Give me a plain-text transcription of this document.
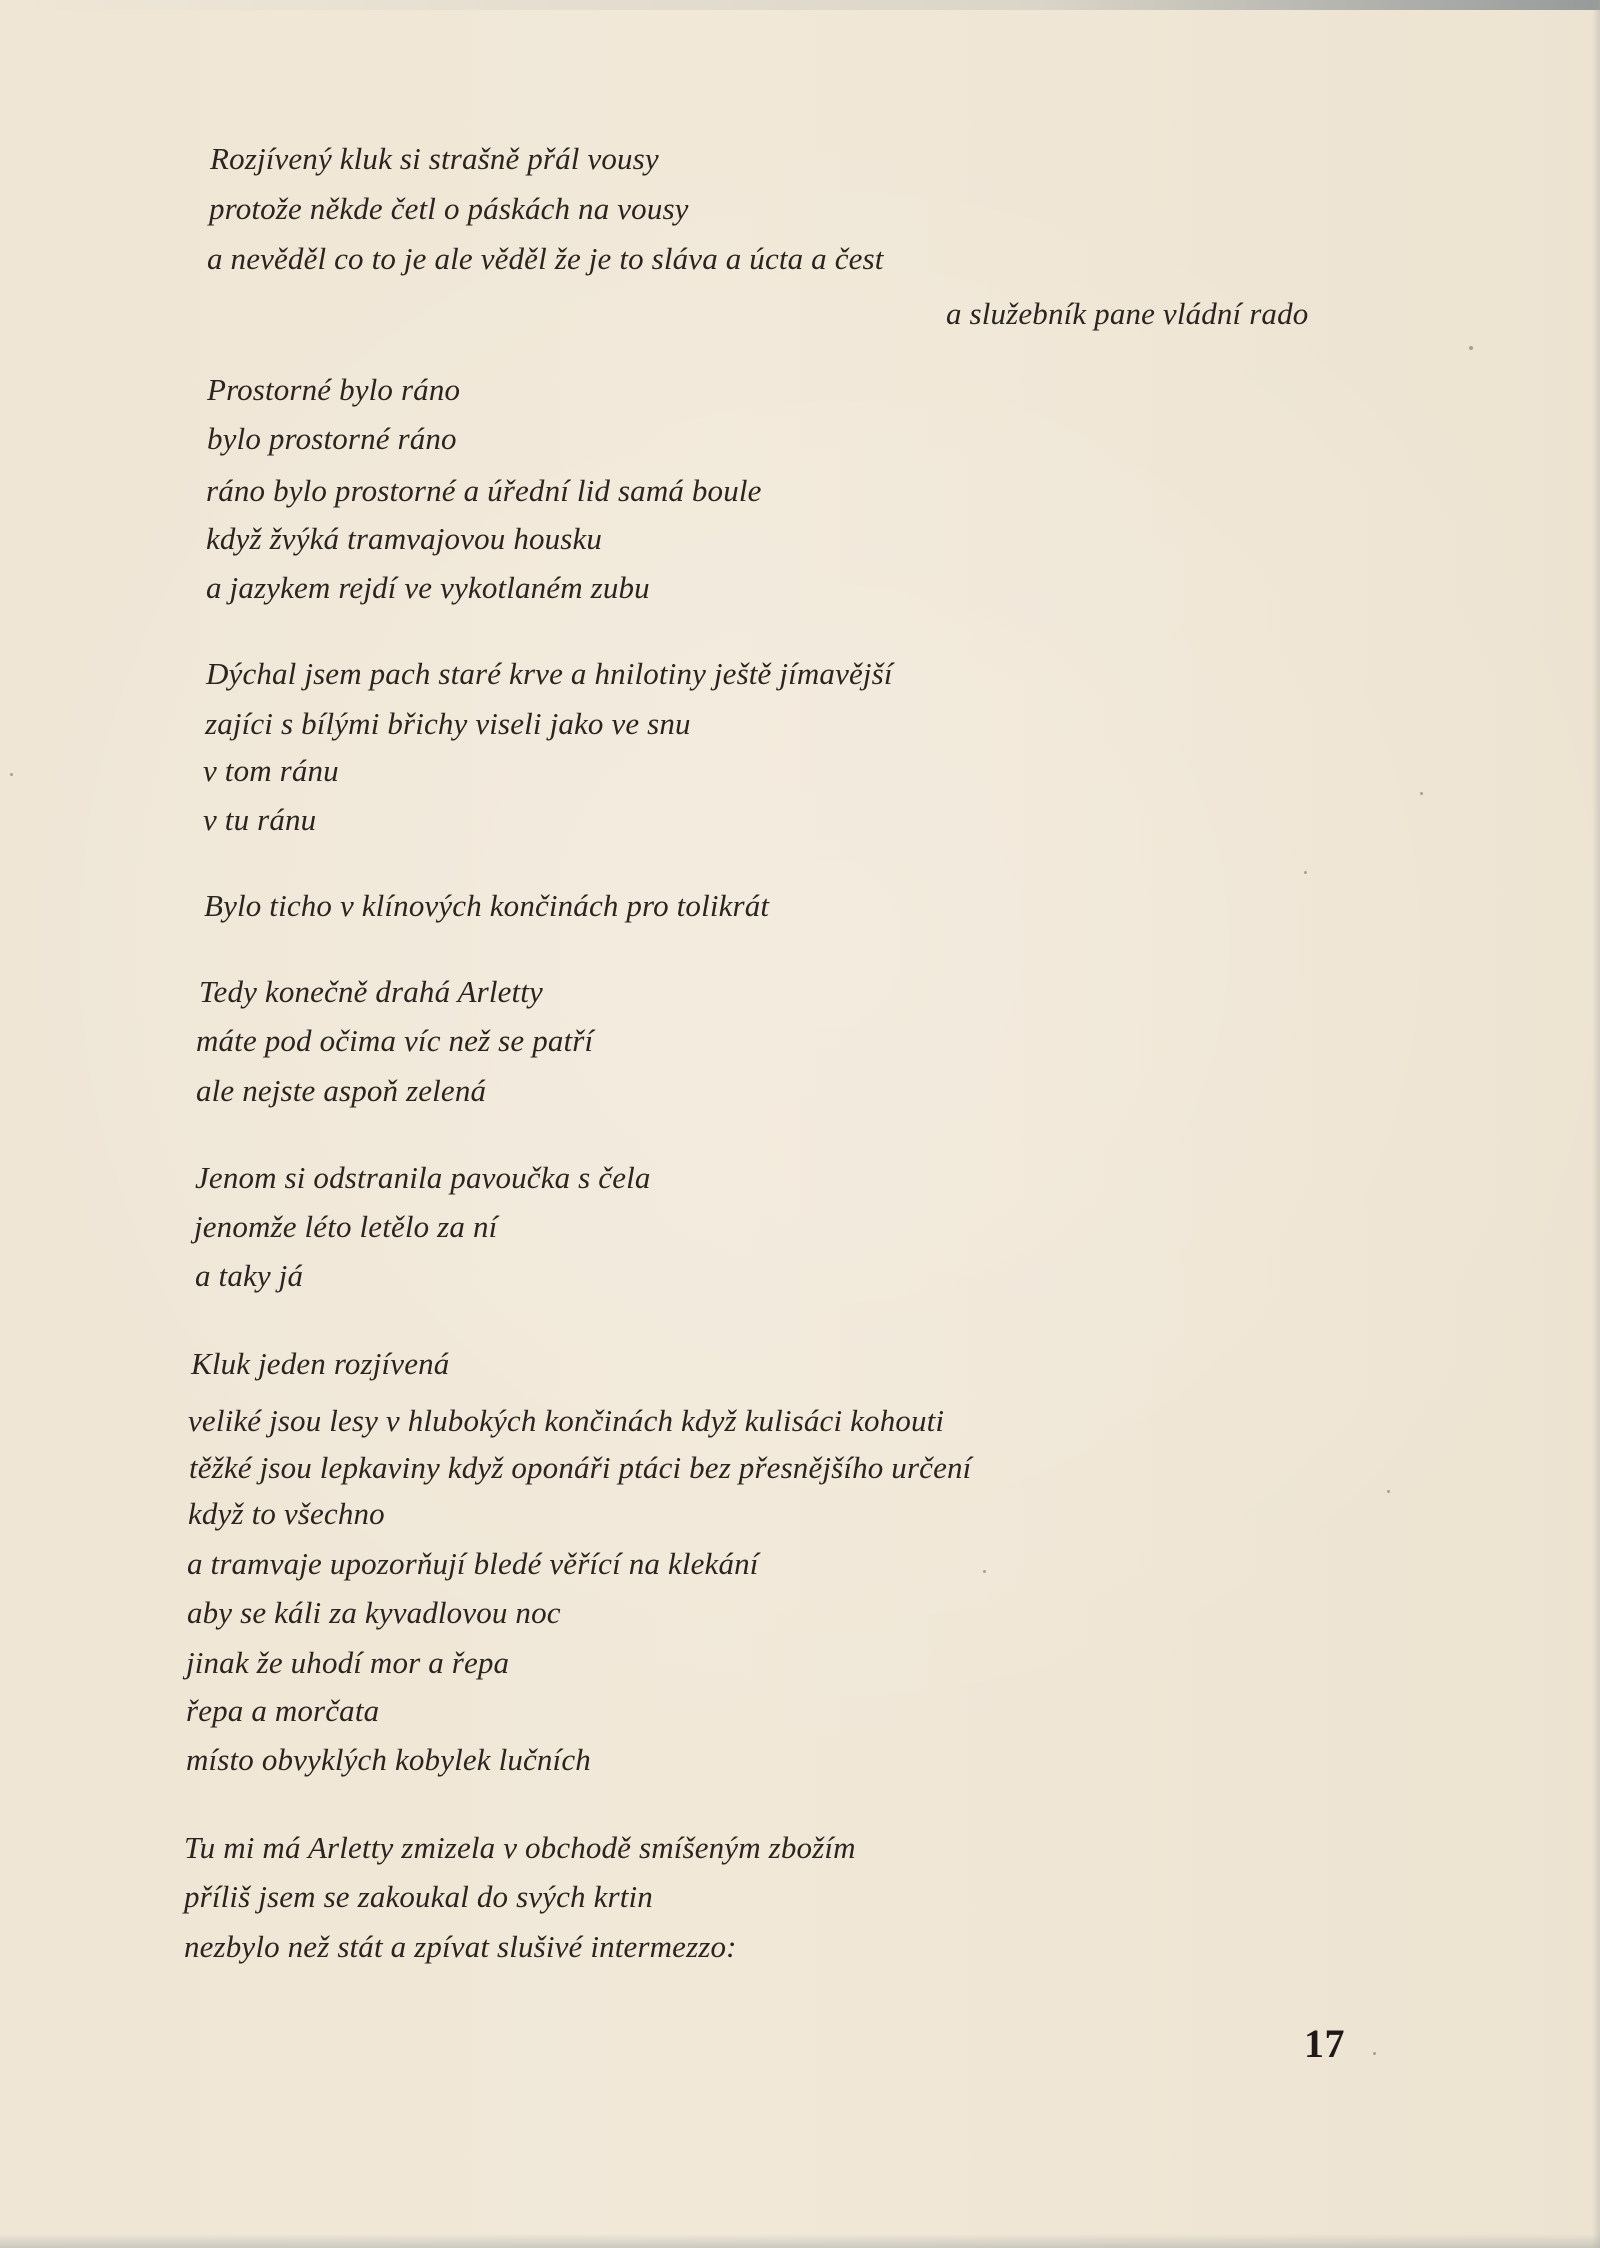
Rozjívený kluk si strašně přál vousy
protože někde četl o páskách na vousy
a nevěděl co to je ale věděl že je to sláva a úcta a čest
a služebník pane vládní rado
Prostorné bylo ráno
bylo prostorné ráno
ráno bylo prostorné a úřední lid samá boule
když žvýká tramvajovou housku
a jazykem rejdí ve vykotlaném zubu
Dýchal jsem pach staré krve a hnilotiny ještě jímavější
zajíci s bílými břichy viseli jako ve snu
v tom ránu
v tu ránu
Bylo ticho v klínových končinách pro tolikrát
Tedy konečně drahá Arletty
máte pod očima víc než se patří
ale nejste aspoň zelená
Jenom si odstranila pavoučka s čela
jenomže léto letělo za ní
a taky já
Kluk jeden rozjívená
veliké jsou lesy v hlubokých končinách když kulisáci kohouti
těžké jsou lepkaviny když oponáři ptáci bez přesnějšího určení
když to všechno
a tramvaje upozorňují bledé věřící na klekání
aby se káli za kyvadlovou noc
jinak že uhodí mor a řepa
řepa a morčata
místo obvyklých kobylek lučních
Tu mi má Arletty zmizela v obchodě smíšeným zbožím
příliš jsem se zakoukal do svých krtin
nezbylo než stát a zpívat slušivé intermezzo:
17
